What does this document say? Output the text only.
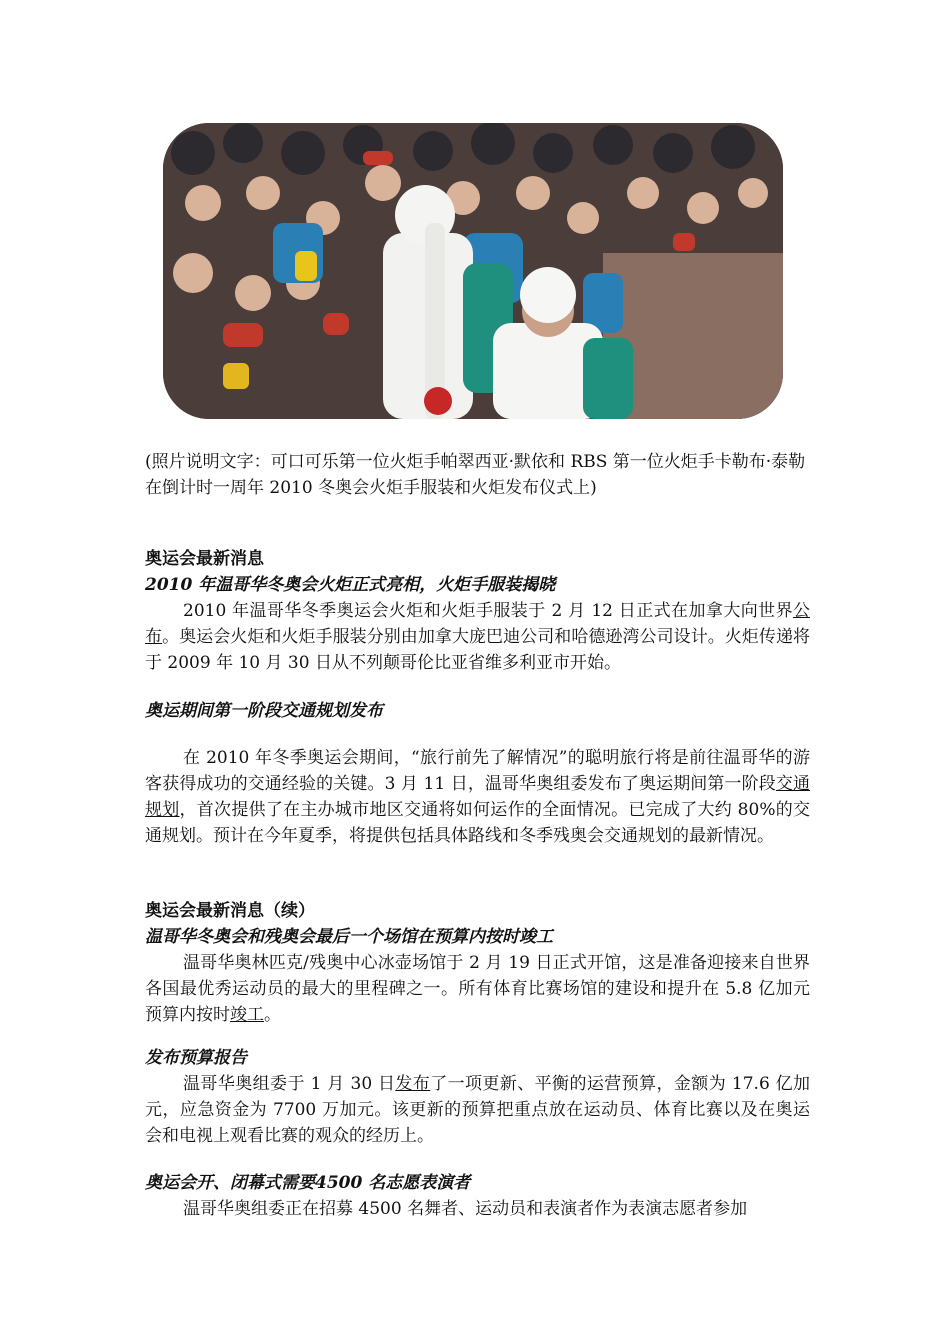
(照片说明文字：可口可乐第一位火炬手帕翠西亚·默依和 RBS 第一位火炬手卡勒布·泰勒在倒计时一周年 2010 冬奥会火炬手服装和火炬发布仪式上)

奥运会最新消息

2010 年温哥华冬奥会火炬正式亮相，火炬手服装揭晓

2010 年温哥华冬季奥运会火炬和火炬手服装于 2 月 12 日正式在加拿大向世界公布。奥运会火炬和火炬手服装分别由加拿大庞巴迪公司和哈德逊湾公司设计。火炬传递将于 2009 年 10 月 30 日从不列颠哥伦比亚省维多利亚市开始。

奥运期间第一阶段交通规划发布

在 2010 年冬季奥运会期间，“旅行前先了解情况”的聪明旅行将是前往温哥华的游客获得成功的交通经验的关键。3 月 11 日，温哥华奥组委发布了奥运期间第一阶段交通规划，首次提供了在主办城市地区交通将如何运作的全面情况。已完成了大约 80%的交通规划。预计在今年夏季，将提供包括具体路线和冬季残奥会交通规划的最新情况。

奥运会最新消息（续）

温哥华冬奥会和残奥会最后一个场馆在预算内按时竣工

温哥华奥林匹克/残奥中心冰壶场馆于 2 月 19 日正式开馆，这是准备迎接来自世界各国最优秀运动员的最大的里程碑之一。所有体育比赛场馆的建设和提升在 5.8 亿加元预算内按时竣工。

发布预算报告

温哥华奥组委于 1 月 30 日发布了一项更新、平衡的运营预算，金额为 17.6 亿加元，应急资金为 7700 万加元。该更新的预算把重点放在运动员、体育比赛以及在奥运会和电视上观看比赛的观众的经历上。

奥运会开、闭幕式需要4500 名志愿表演者

温哥华奥组委正在招募 4500 名舞者、运动员和表演者作为表演志愿者参加
